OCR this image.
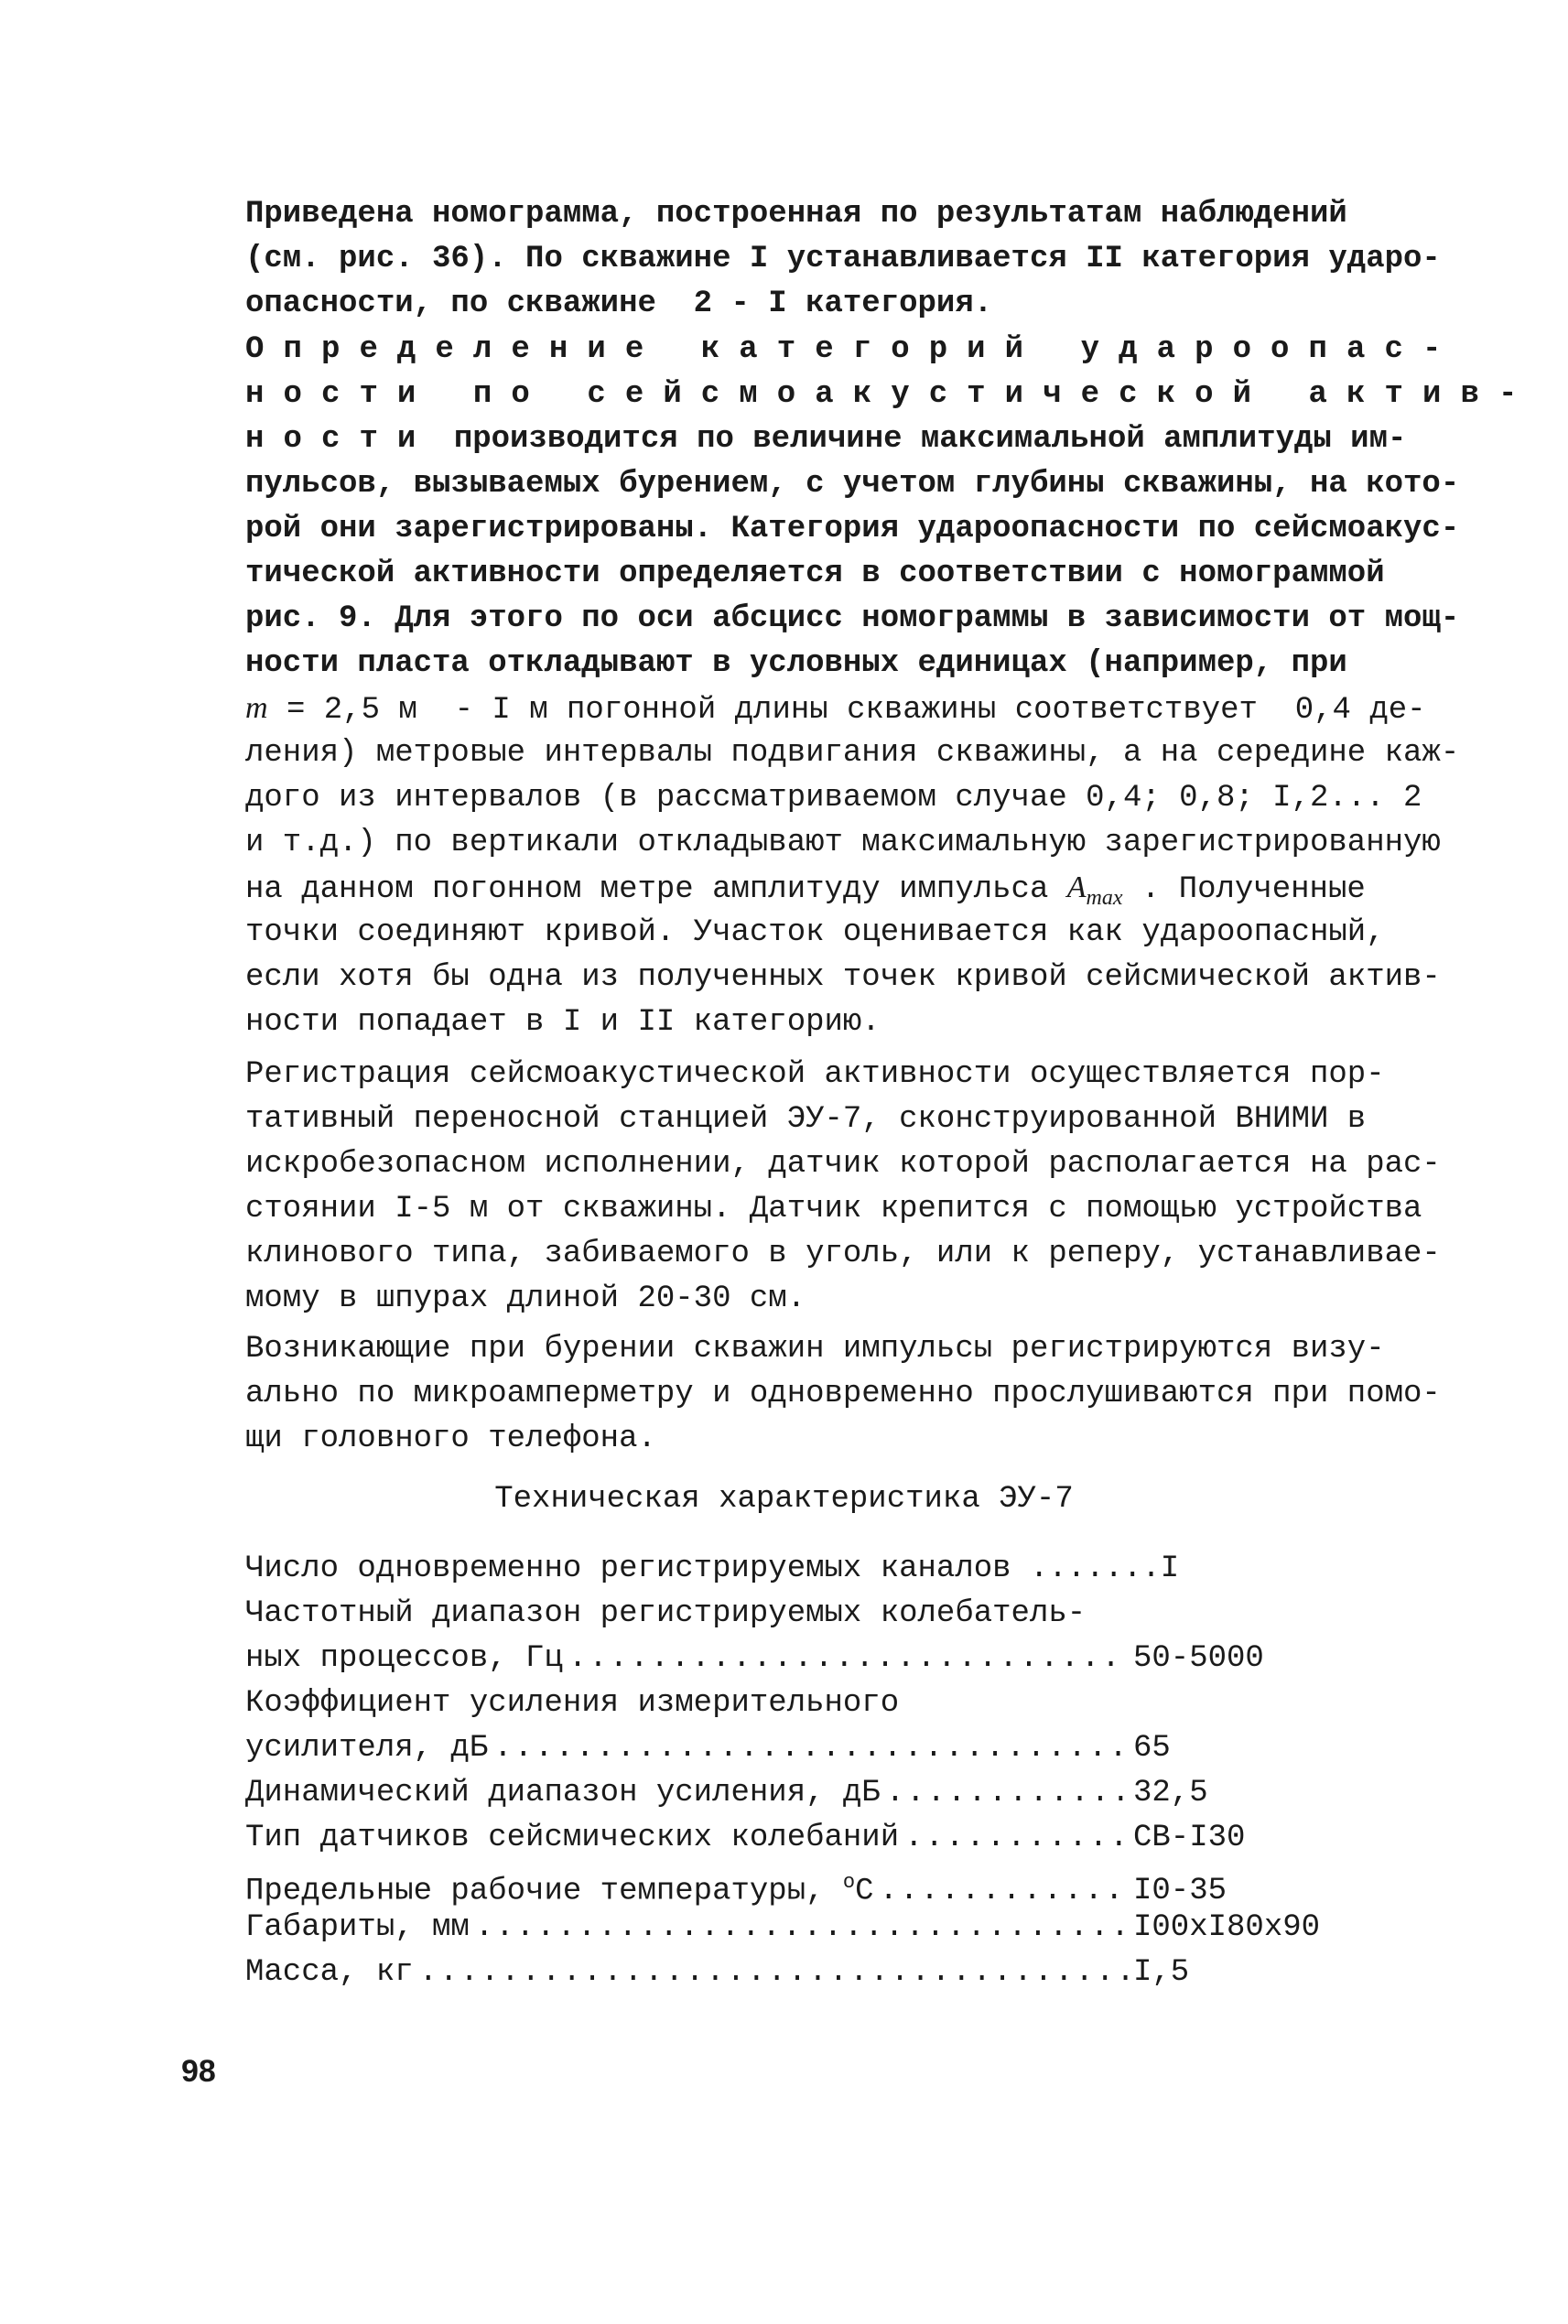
Приведена номограмма, построенная по результатам наблюдений
(см. рис. 36). По скважине I устанавливается II категория ударо-
опасности, по скважине  2 - I категория.
Определение категорий удароопас-
ности по сейсмоакустической актив-
ности производится по величине максимальной амплитуды им-
пульсов, вызываемых бурением, с учетом глубины скважины, на кото-
рой они зарегистрированы. Категория удароопасности по сейсмоакус-
тической активности определяется в соответствии с номограммой
рис. 9. Для этого по оси абсцисс номограммы в зависимости от мощ-
ности пласта откладывают в условных единицах (например, при
m = 2,5 м  - I м погонной длины скважины соответствует  0,4 де-
ления) метровые интервалы подвигания скважины, а на середине каж-
дого из интервалов (в рассматриваемом случае 0,4; 0,8; I,2... 2
и т.д.) по вертикали откладывают максимальную зарегистрированную
на данном погонном метре амплитуду импульса $A_{max}$ . Полученные
точки соединяют кривой. Участок оценивается как удароопасный,
если хотя бы одна из полученных точек кривой сейсмической актив-
ности попадает в I и II категорию.
Регистрация сейсмоакустической активности осуществляется пор-
тативный переносной станцией ЭУ-7, сконструированной ВНИМИ в
искробезопасном исполнении, датчик которой располагается на рас-
стоянии I-5 м от скважины. Датчик крепится с помощью устройства
клинового типа, забиваемого в уголь, или к реперу, устанавливае-
мому в шпурах длиной 20-30 см.
Возникающие при бурении скважин импульсы регистрируются визу-
ально по микроамперметру и одновременно прослушиваются при помо-
щи головного телефона.
Техническая характеристика ЭУ-7
Число одновременно регистрируемых каналов .......I
Частотный диапазон регистрируемых колебатель-
ных процессов, Гц .....	50-5000
Коэффициент усиления измерительного
усилителя, дБ .....	65
Динамический диапазон усиления, дБ .....	32,5
Тип датчиков сейсмических колебаний .....	СВ-I30
Предельные рабочие температуры, $^о$С .....	I0-35
Габариты, мм .....	I00xI80x90
Масса, кг .....	I,5
98
